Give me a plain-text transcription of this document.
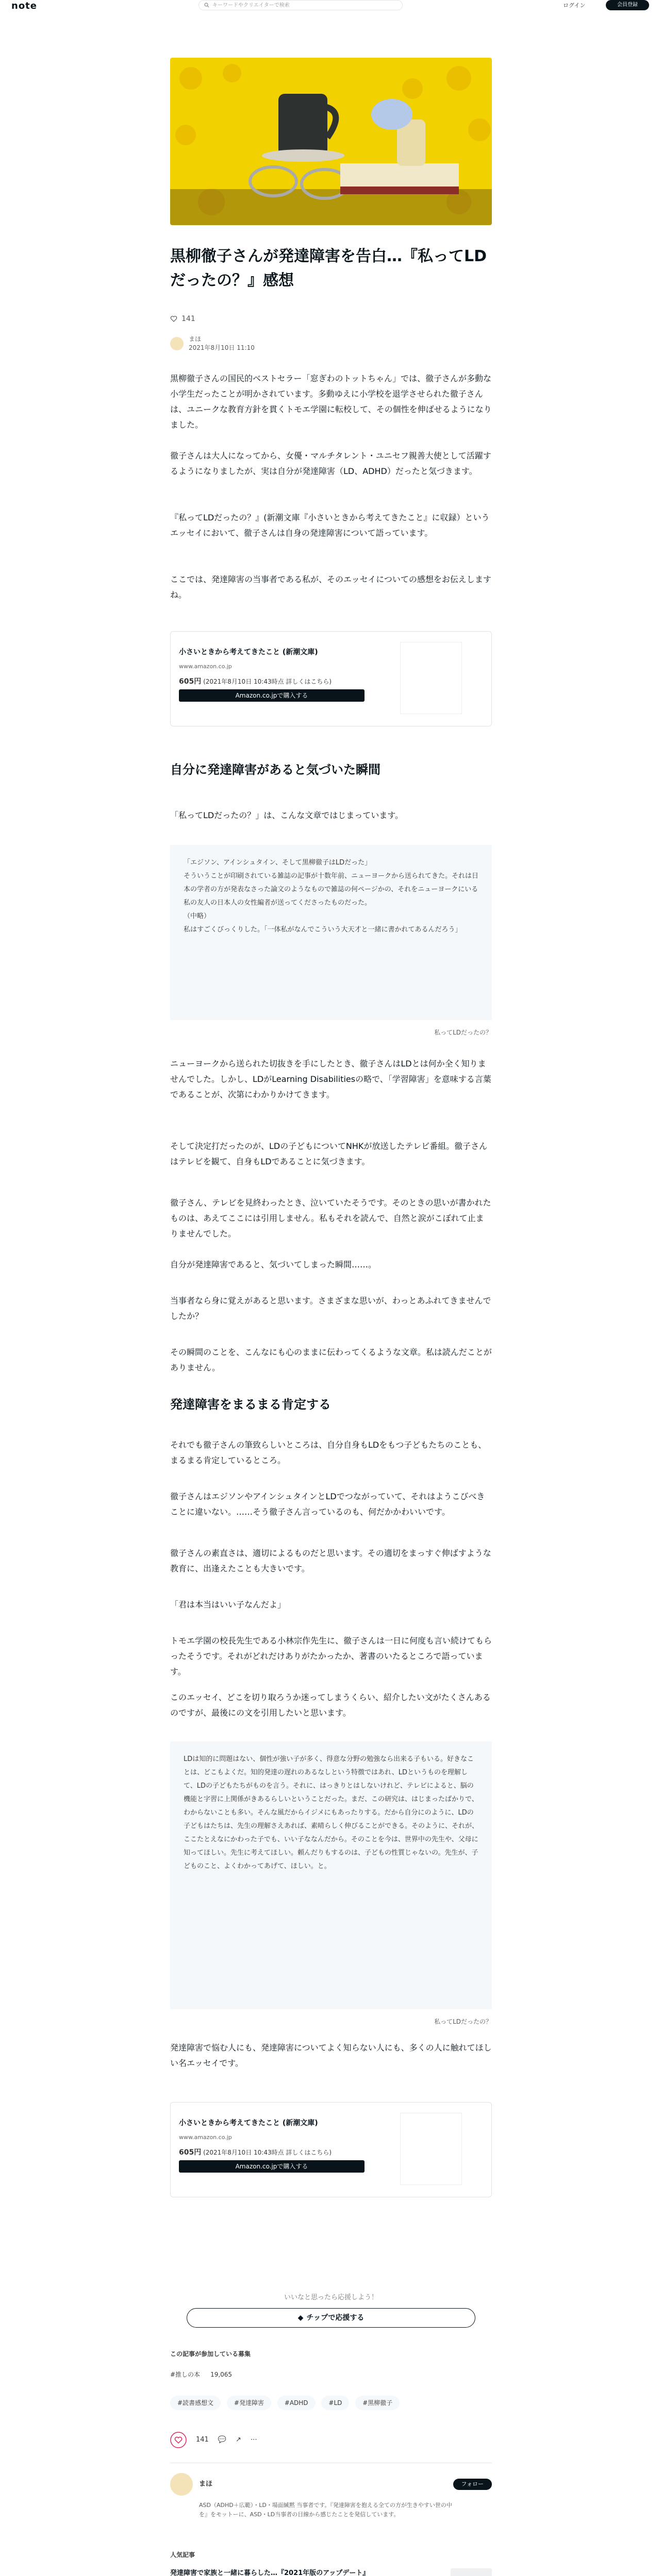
note	キーワードやクリエイターで検索	ログイン	会員登録
黒柳徹子さんが発達障害を告白…『私ってLDだったの？』感想
141
まほ
2021年8月10日 11:10
黒柳徹子さんの国民的ベストセラー「窓ぎわのトットちゃん」では、徹子さんが多動な小学生だったことが明かされています。多動ゆえに小学校を退学させられた徹子さんは、ユニークな教育方針を貫くトモエ学園に転校して、その個性を伸ばせるようになりました。
徹子さんは大人になってから、女優・マルチタレント・ユニセフ親善大使として活躍するようになりましたが、実は自分が発達障害（LD、ADHD）だったと気づきます。
『私ってLDだったの？』(新潮文庫『小さいときから考えてきたこと』に収録）というエッセイにおいて、徹子さんは自身の発達障害について語っています。
ここでは、発達障害の当事者である私が、そのエッセイについての感想をお伝えしますね。
小さいときから考えてきたこと (新潮文庫)
www.amazon.co.jp
605円 (2021年8月10日 10:43時点 詳しくはこちら)
Amazon.co.jpで購入する
自分に発達障害があると気づいた瞬間
「私ってLDだったの？」は、こんな文章ではじまっています。
「エジソン、アインシュタイン、そして黒柳徹子はLDだった」
そういうことが印刷されている雑誌の記事が十数年前、ニューヨークから送られてきた。それは日本の学者の方が発表なさった論文のようなもので雑誌の何ページかの、それをニューヨークにいる私の友人の日本人の女性編者が送ってくださったものだった。
（中略）
私はすごくびっくりした。「一体私がなんでこういう大天才と一緒に書かれてあるんだろう」
私ってLDだったの？
ニューヨークから送られた切抜きを手にしたとき、徹子さんはLDとは何か全く知りませんでした。しかし、LDがLearning Disabilitiesの略で、「学習障害」を意味する言葉であることが、次第にわかりかけてきます。
そして決定打だったのが、LDの子どもについてNHKが放送したテレビ番組。徹子さんはテレビを観て、自身もLDであることに気づきます。
徹子さん、テレビを見終わったとき、泣いていたそうです。そのときの思いが書かれたものは、あえてここには引用しません。私もそれを読んで、自然と涙がこぼれて止まりませんでした。
自分が発達障害であると、気づいてしまった瞬間……。
当事者なら身に覚えがあると思います。さまざまな思いが、わっとあふれてきませんでしたか？
その瞬間のことを、こんなにも心のままに伝わってくるような文章。私は読んだことがありません。
発達障害をまるまる肯定する
それでも徹子さんの筆致らしいところは、自分自身もLDをもつ子どもたちのことも、まるまる肯定しているところ。
徹子さんはエジソンやアインシュタインとLDでつながっていて、それはようこびべきことに違いない。……そう徹子さん言っているのも、何だかかわいいです。
徹子さんの素直さは、適切によるものだと思います。その適切をまっすぐ伸ばすような教育に、出逢えたことも大きいです。
「君は本当はいい子なんだよ」
トモエ学園の校長先生である小林宗作先生に、徹子さんは一日に何度も言い続けてもらったそうです。それがどれだけありがたかったか、著書のいたるところで語っています。
このエッセイ、どこを切り取ろうか迷ってしまうくらい、紹介したい文がたくさんあるのですが、最後にの文を引用したいと思います。
LDは知的に問題はない、個性が強い子が多く、得意な分野の勉強なら出来る子もいる。好きなことは、どこもよくだ。知的発達の遅れのあるなしという特徴ではあれ、LDというものを理解して、LDの子どもたちがものを言う。それに、はっきりとはしないけれど、テレビによると、脳の機能と字習に上関係がきあるらしいということだった。まだ、この研究は、はじまったばかりで、わからないことも多い。そんな風だからイジメにもあったりする。だから自分にのように、LDの子どもはたちは、先生の理解さえあれば、素晴らしく伸びることができる。そのように、それが、ここたとえなにかわった子でも、いい子ななんだから。そのことを今は、世界中の先生や、父母に知ってほしい。先生に考えてほしい。頼んだりもするのは、子どもの性質じゃないの。先生が、子どものこと、よくわかってあげて、ほしい。と。
私ってLDだったの？
発達障害で悩む人にも、発達障害についてよく知らない人にも、多くの人に触れてほしい名エッセイです。
小さいときから考えてきたこと (新潮文庫)
www.amazon.co.jp
605円 (2021年8月10日 10:43時点 詳しくはこちら)
Amazon.co.jpで購入する
いいなと思ったら応援しよう！
◆ チップで応援する
この記事が参加している募集
#推しの本 19,065
#読書感想文	#発達障害	#ADHD	#LD	#黒柳徹子
141 💬 ↗ ⋯
まほ	フォロー
ASD（ADHD＋広範）・LD・場面緘黙 当事者です。『発達障害を抱える全ての方が生きやすい世の中を』をモットーに、ASD・LD当事者の目線から感じたことを発信しています。
人気記事
発達障害で家族と一緒に暮らした…『2021年版のアップデート』
